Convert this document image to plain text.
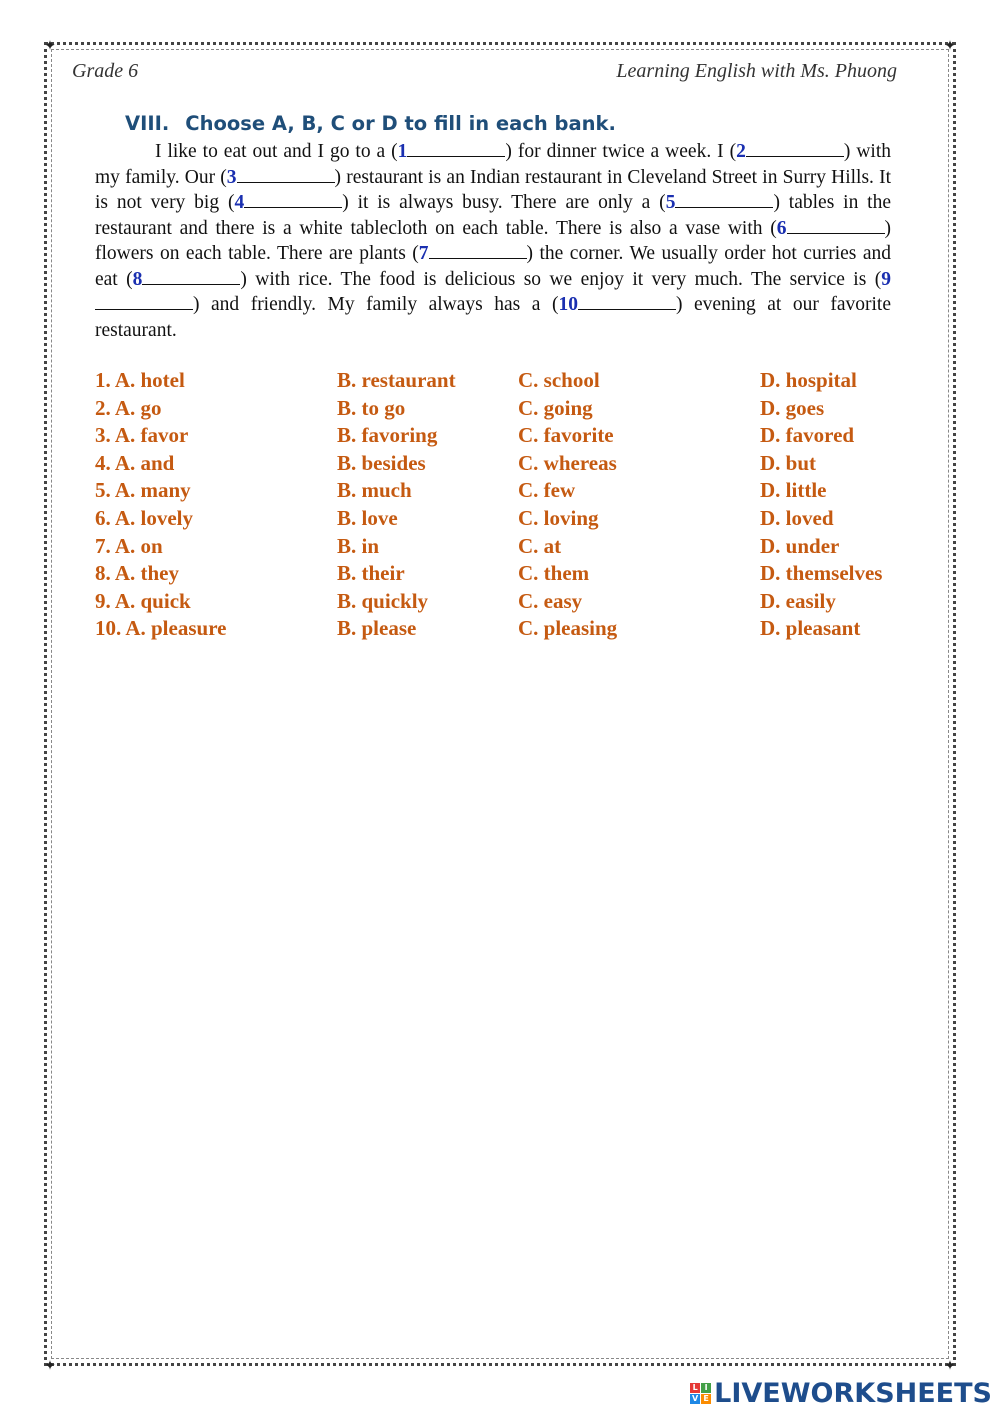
✦	✦
✦	✦
Grade 6	Learning English with Ms. Phuong
VIII. Choose A, B, C or D to fill in each bank.

I like to eat out and I go to a (1	) for dinner twice a week. I (2	) with my family. Our (3	) restaurant is an Indian restaurant in Cleveland Street in Surry Hills. It is not very big (4	) it is always busy. There are only a (5	) tables in the restaurant and there is a white tablecloth on each table. There is also a vase with (6	) flowers on each table. There are plants (7	) the corner. We usually order hot curries and eat (8	) with rice. The food is delicious so we enjoy it very much. The service is (9) and friendly. My family always has a (10	) evening at our favorite restaurant.

1. A. hotel	B. restaurant	C. school	D. hospital
2. A. go	B. to go	C. going	D. goes
3. A. favor	B. favoring	C. favorite	D. favored
4. A. and	B. besides	C. whereas	D. but
5. A. many	B. much	C. few	D. little
6. A. lovely	B. love	C. loving	D. loved
7. A. on	B. in	C. at	D. under
8. A. they	B. their	C. them	D. themselves
9. A. quick	B. quickly	C. easy	D. easily
10. A. pleasure	B. please	C. pleasing	D. pleasant
L I
V E LIVEWORKSHEETS
